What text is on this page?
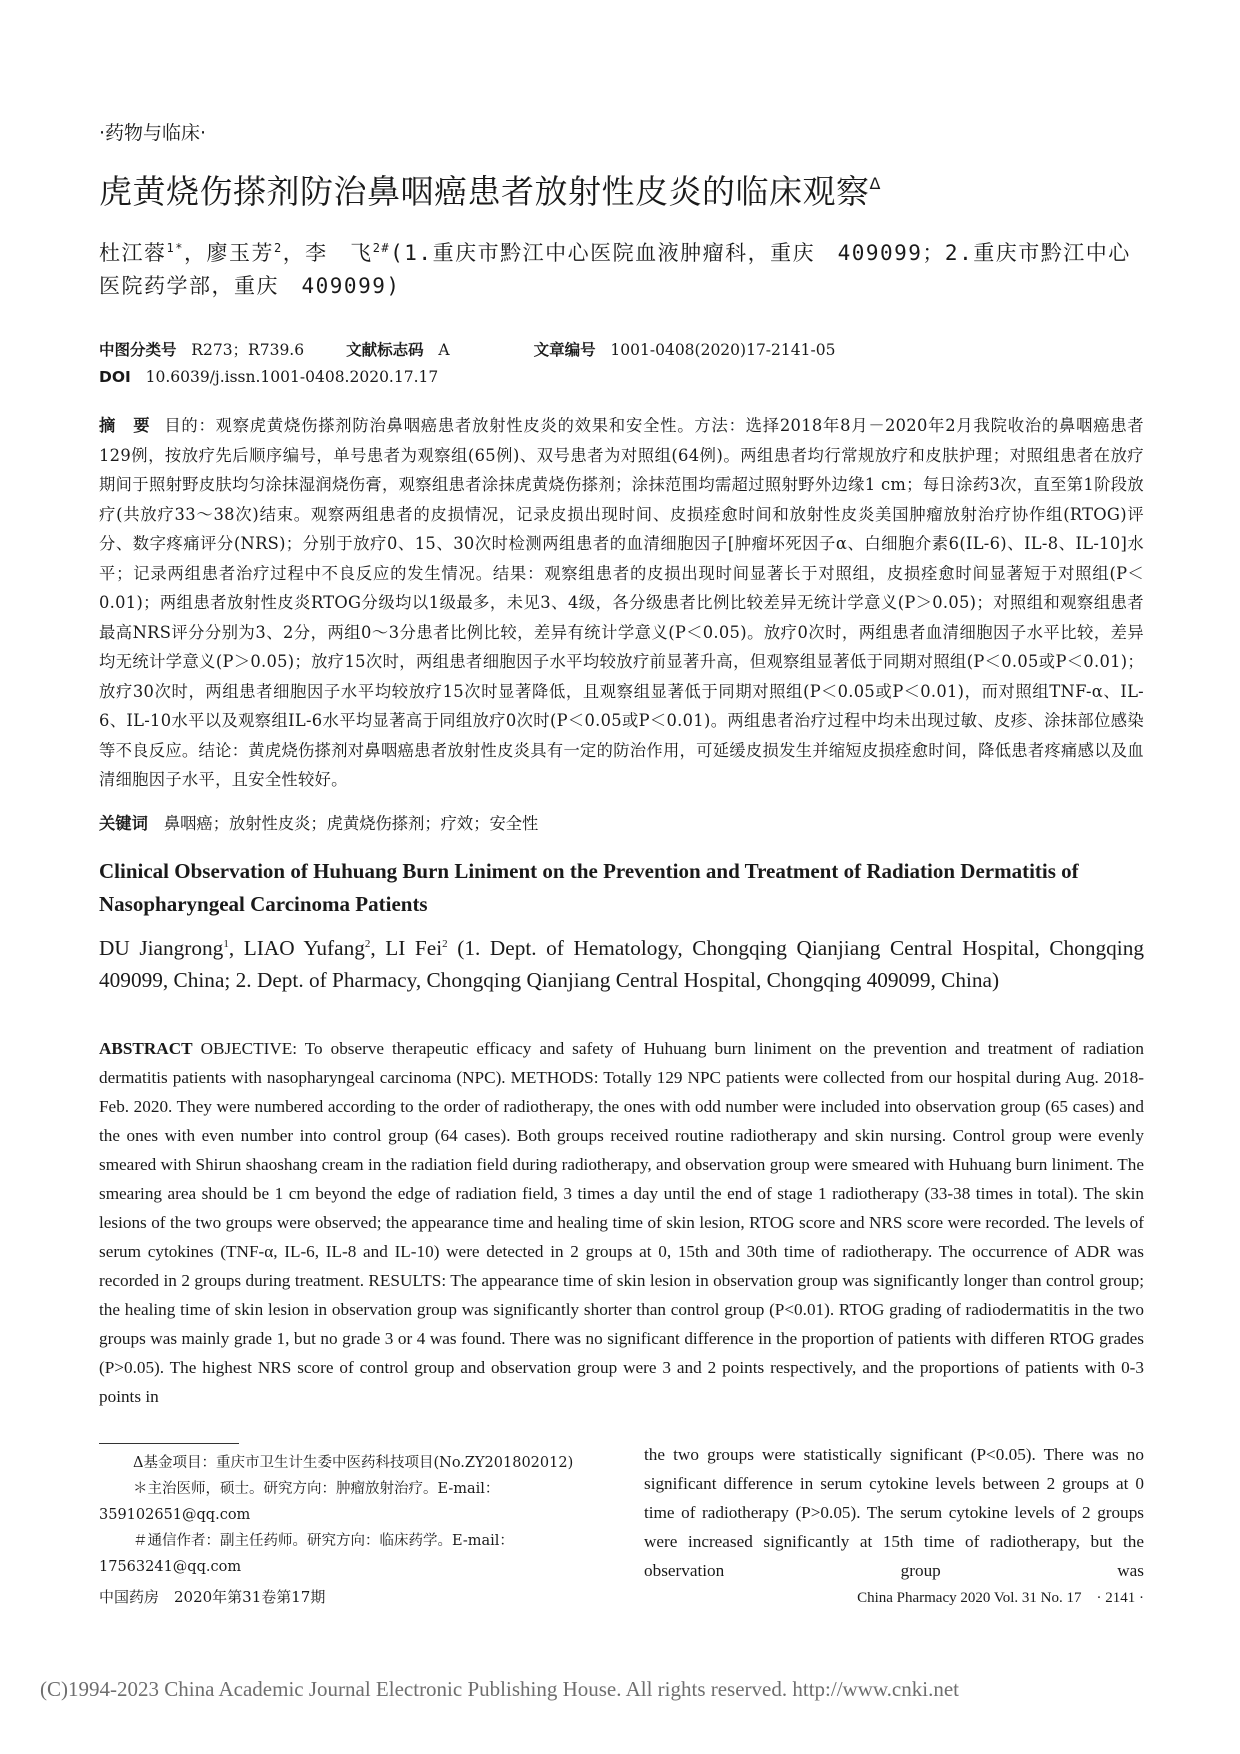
·药物与临床·
虎黄烧伤搽剂防治鼻咽癌患者放射性皮炎的临床观察$^\Delta$
杜江蓉$^{1*}$，廖玉芳$^2$，李　飞$^{2\#}$(1.重庆市黔江中心医院血液肿瘤科，重庆　409099；2.重庆市黔江中心医院药学部，重庆　409099)
中图分类号 R273；R739.6	文献标志码 A	文章编号 1001-0408(2020)17-2141-05
DOI 10.6039/j.issn.1001-0408.2020.17.17
摘　要 目的：观察虎黄烧伤搽剂防治鼻咽癌患者放射性皮炎的效果和安全性。方法：选择2018年8月－2020年2月我院收治的鼻咽癌患者129例，按放疗先后顺序编号，单号患者为观察组(65例)、双号患者为对照组(64例)。两组患者均行常规放疗和皮肤护理；对照组患者在放疗期间于照射野皮肤均匀涂抹湿润烧伤膏，观察组患者涂抹虎黄烧伤搽剂；涂抹范围均需超过照射野外边缘1 cm；每日涂药3次，直至第1阶段放疗(共放疗33～38次)结束。观察两组患者的皮损情况，记录皮损出现时间、皮损痊愈时间和放射性皮炎美国肿瘤放射治疗协作组(RTOG)评分、数字疼痛评分(NRS)；分别于放疗0、15、30次时检测两组患者的血清细胞因子[肿瘤坏死因子α、白细胞介素6(IL-6)、IL-8、IL-10]水平；记录两组患者治疗过程中不良反应的发生情况。结果：观察组患者的皮损出现时间显著长于对照组，皮损痊愈时间显著短于对照组(P＜0.01)；两组患者放射性皮炎RTOG分级均以1级最多，未见3、4级，各分级患者比例比较差异无统计学意义(P＞0.05)；对照组和观察组患者最高NRS评分分别为3、2分，两组0～3分患者比例比较，差异有统计学意义(P＜0.05)。放疗0次时，两组患者血清细胞因子水平比较，差异均无统计学意义(P＞0.05)；放疗15次时，两组患者细胞因子水平均较放疗前显著升高，但观察组显著低于同期对照组(P＜0.05或P＜0.01)；放疗30次时，两组患者细胞因子水平均较放疗15次时显著降低，且观察组显著低于同期对照组(P＜0.05或P＜0.01)，而对照组TNF-α、IL-6、IL-10水平以及观察组IL-6水平均显著高于同组放疗0次时(P＜0.05或P＜0.01)。两组患者治疗过程中均未出现过敏、皮疹、涂抹部位感染等不良反应。结论：黄虎烧伤搽剂对鼻咽癌患者放射性皮炎具有一定的防治作用，可延缓皮损发生并缩短皮损痊愈时间，降低患者疼痛感以及血清细胞因子水平，且安全性较好。
关键词 鼻咽癌；放射性皮炎；虎黄烧伤搽剂；疗效；安全性
Clinical Observation of Huhuang Burn Liniment on the Prevention and Treatment of Radiation Dermatitis of Nasopharyngeal Carcinoma Patients
DU Jiangrong$^1$, LIAO Yufang$^2$, LI Fei$^2$ (1. Dept. of Hematology, Chongqing Qianjiang Central Hospital, Chongqing 409099, China; 2. Dept. of Pharmacy, Chongqing Qianjiang Central Hospital, Chongqing 409099, China)
ABSTRACT OBJECTIVE: To observe therapeutic efficacy and safety of Huhuang burn liniment on the prevention and treatment of radiation dermatitis patients with nasopharyngeal carcinoma (NPC). METHODS: Totally 129 NPC patients were collected from our hospital during Aug. 2018-Feb. 2020. They were numbered according to the order of radiotherapy, the ones with odd number were included into observation group (65 cases) and the ones with even number into control group (64 cases). Both groups received routine radiotherapy and skin nursing. Control group were evenly smeared with Shirun shaoshang cream in the radiation field during radiotherapy, and observation group were smeared with Huhuang burn liniment. The smearing area should be 1 cm beyond the edge of radiation field, 3 times a day until the end of stage 1 radiotherapy (33-38 times in total). The skin lesions of the two groups were observed; the appearance time and healing time of skin lesion, RTOG score and NRS score were recorded. The levels of serum cytokines (TNF-α, IL-6, IL-8 and IL-10) were detected in 2 groups at 0, 15th and 30th time of radiotherapy. The occurrence of ADR was recorded in 2 groups during treatment. RESULTS: The appearance time of skin lesion in observation group was significantly longer than control group; the healing time of skin lesion in observation group was significantly shorter than control group (P<0.01). RTOG grading of radiodermatitis in the two groups was mainly grade 1, but no grade 3 or 4 was found. There was no significant difference in the proportion of patients with differen RTOG grades (P>0.05). The highest NRS score of control group and observation group were 3 and 2 points respectively, and the proportions of patients with 0-3 points in
the two groups were statistically significant (P<0.05). There was no significant difference in serum cytokine levels between 2 groups at 0 time of radiotherapy (P>0.05). The serum cytokine levels of 2 groups were increased significantly at 15th time of radiotherapy, but the observation group was

Δ基金项目：重庆市卫生计生委中医药科技项目(No.ZY201802012)

＊主治医师，硕士。研究方向：肿瘤放射治疗。E-mail：359102651@qq.com

＃通信作者：副主任药师。研究方向：临床药学。E-mail：17563241@qq.com

中国药房　2020年第31卷第17期	China Pharmacy 2020 Vol. 31 No. 17　· 2141 ·
(C)1994-2023 China Academic Journal Electronic Publishing House. All rights reserved. http://www.cnki.net
